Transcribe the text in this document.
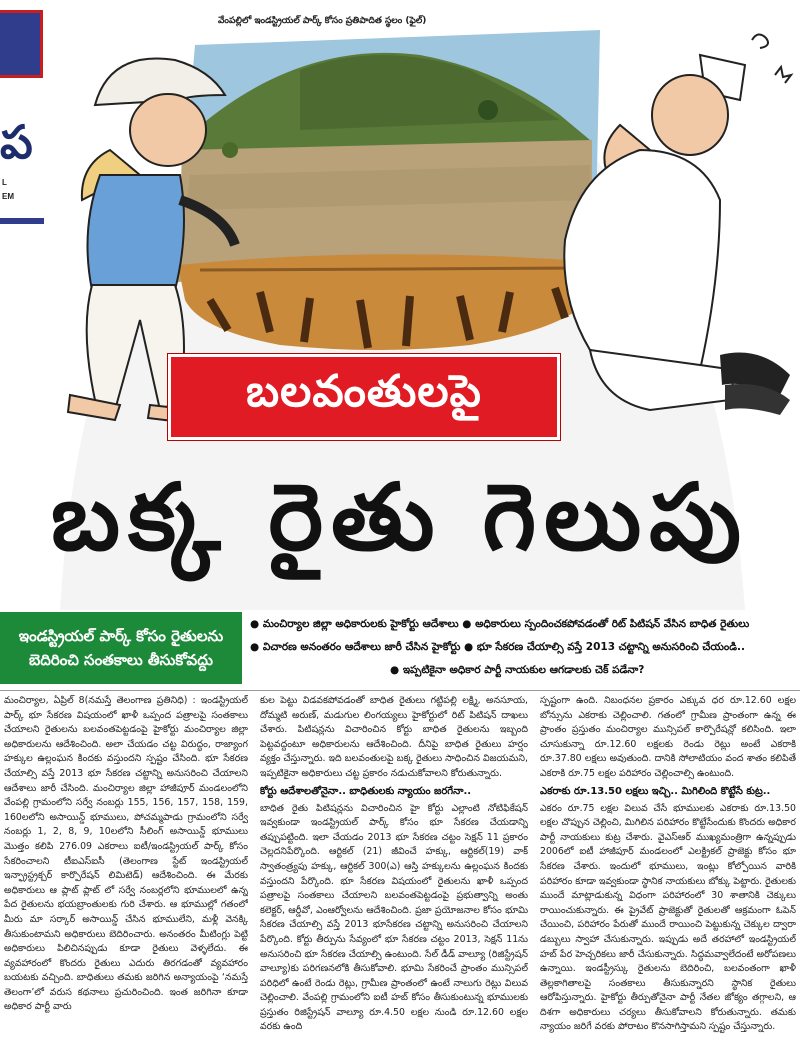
ప
L
EM
వేంపల్లిలో ఇండస్ట్రియల్ పార్క్ కోసం ప్రతిపాదిత స్థలం (ఫైల్)
బలవంతులపై
బక్క రైతు గెలుపు
ఇండస్ట్రియల్ పార్క్ కోసం రైతులను
బెదిరించి సంతకాలు తీసుకోవద్దు
● మంచిర్యాల జిల్లా అధికారులకు హైకోర్టు ఆదేశాలు ● అధికారులు స్పందించకపోవడంతో రిట్ పిటిషన్ వేసిన బాధిత రైతులు
● విచారణ అనంతరం ఆదేశాలు జారీ చేసిన హైకోర్టు ● భూ సేకరణ చేయాల్సి వస్తే 2013 చట్టాన్ని అనుసరించి చేయండి..
● ఇప్పటికైనా అధికార పార్టీ నాయకుల ఆగడాలకు చెక్ పడేనా?

మంచిర్యాల, ఏప్రిల్ 8(నమస్తే తెలంగాణ ప్రతినిధి) : ఇండస్ట్రియల్ పార్క్ భూ సేకరణ విషయంలో ఖాళీ ఒప్పంద పత్రాలపై సంతకాలు చేయాలని రైతులను బలవంతపెట్టడంపై హైకోర్టు మంచిర్యాల జిల్లా అధికారులను ఆదేశించింది. అలా చేయడం చట్ట విరుద్ధం, రాజ్యాంగ హక్కుల ఉల్లంఘన కిందకు వస్తుందని స్పష్టం చేసింది. భూ సేకరణ చేయాల్సి వస్తే 2013 భూ సేకరణ చట్టాన్ని అనుసరించి చేయాలని ఆదేశాలు జారీ చేసింది. మంచిర్యాల జిల్లా హాజీపూర్ మండలంలోని వేంపల్లి గ్రామంలోని సర్వే నంబర్లు 155, 156, 157, 158, 159, 160లలోని అసాయిన్డ్ భూములు, పోచమ్మపాడు గ్రామంలోని సర్వే నంబర్లు 1, 2, 8, 9, 10లలోని సీలింగ్ అసాయిన్డ్ భూములు మొత్తం కలిపి 276.09 ఎకరాలు ఐటీ/ఇండస్ట్రియల్ పార్క్ కోసం సేకరించాలని టీఐఎస్ఐసీ (తెలంగాణ స్టేట్ ఇండస్ట్రియల్ ఇన్ఫ్రాస్ట్రక్చర్ కార్పొరేషన్ లిమిటెడ్) ఆదేశించింది. ఈ మేరకు అధికారులు ఆ ప్లాట్ ప్లాట్ లో సర్వే నంబర్లలోని భూములలో ఉన్న పేద రైతులను భయబ్రాంతులకు గురి చేశారు. ఆ భూముల్లో గతంలో మీరు మా సర్కార్ అసాయిన్డ్ చేసిన భూములేని, మళ్లీ వెనక్కి తీసుకుంటామని అధికారులు బెదిరించారు. అనంతరం మీటింగ్లు పెట్టి అధికారులు పిలిచినప్పుడు కూడా రైతులు వెళ్ళలేదు. ఈ వ్యవహారంలో కొందరు రైతులు ఎదురు తిరగడంతో వ్యవహారం బయటకు వచ్చింది. బాధితులు తమకు జరిగిన అన్యాయంపై ‘నమస్తే తెలంగా’లో వరుస కథనాలు ప్రచురించింది. ఇంత జరిగినా కూడా అధికార పార్టీ వారు

కుల పెట్టు విడవకపోవడంతో బాధిత రైతులు గట్టిపల్లి లక్ష్మి, అనసూయ, దోమ్మటి అరుణ్, మడుగుల లింగయ్యలు హైకోర్టులో రిట్ పిటిషన్ దాఖలు చేశారు. పిటిషన్లను విచారించిన కోర్టు బాధిత రైతులను ఇబ్బంది పెట్టవద్దంటూ అధికారులను ఆదేశించింది. దీనిపై బాధిత రైతులు హర్షం వ్యక్తం చేస్తున్నారు. ఇది బలవంతులపై బక్క రైతులు సాధించిన విజయమని, ఇప్పటికైనా అధికారులు చట్ట ప్రకారం నడుచుకోవాలని కోరుతున్నారు.

కోర్టు ఆదేశాలతోనైనా.. బాధితులకు న్యాయం జరగేనా..

బాధిత రైతు పిటిషన్లను విచారించిన హై కోర్టు ఎల్లాంటి నోటిఫికేషన్ ఇవ్వకుండా ఇండస్ట్రియల్ పార్క్ కోసం భూ సేకరణ చేయడాన్ని తప్పుపట్టింది. ఇలా చేయడం 2013 భూ సేకరణ చట్టం సెక్షన్ 11 ప్రకారం చెల్లదనిపేర్కొంది. ఆర్టికల్ (21) జీవించే హక్కు, ఆర్టికల్(19) వాక్ స్వాతంత్ర్యపు హక్కు, ఆర్టికల్ 300(ఎ) ఆస్తి హక్కులను ఉల్లంఘన కిందకు వస్తుందని పేర్కొంది. భూ సేకరణ విషయంలో రైతులను ఖాళీ ఒప్పంద పత్రాలపై సంతకాలు చేయాలని బలవంతపెట్టడంపై ప్రభుత్వాన్ని అంతు కలెక్టర్, ఆర్డీవో, ఎంఆర్వోలను ఆదేశించింది. ప్రజా ప్రయోజనాల కోసం భూమి సేకరణ చేయాల్సి వస్తే 2013 భూసేకరణ చట్టాన్ని అనుసరించి చేయాలని పేర్కొంది. కోర్టు తీర్పును సేవ్యంలో భూ సేకరణ చట్టం 2013, సెక్షన్ 11ను అనుసరించి భూ సేకరణ చేయాల్సి ఉంటుంది. సేల్ డీడ్ వాల్యూ (రిజిస్ట్రేషన్ వాల్యూ)కు పరిగణనలోకి తీసుకోవాలి. భూమి సేకరించే ప్రాంతం మున్సిపల్ పరిధిలో ఉంటే రెండు రెట్లు, గ్రామీణ ప్రాంతంలో ఉంటే నాలుగు రెట్లు విలువ చెల్లించాలి. వేంపల్లి గ్రామంలోని ఐటీ హబ్ కోసం తీసుకుంటున్న భూములకు ప్రస్తుతం రిజిస్ట్రేషన్ వాల్యూ రూ.4.50 లక్షల నుండి రూ.12.60 లక్షల వరకు ఉంది

స్పష్టంగా ఉంది. నిబంధనల ప్రకారం ఎక్కువ ధర రూ.12.60 లక్షల బోన్సును ఎకరాకు చెల్లించాలి. గతంలో గ్రామీణ ప్రాంతంగా ఉన్న ఈ ప్రాంతం ప్రస్తుతం మంచిర్యాల మున్సిపల్ కార్పొరేషన్లో కలిసింది. ఇలా చూసుకున్నా రూ.12.60 లక్షలకు రెండు రెట్లు అంటే ఎకరాకి రూ.37.80 లక్షలు అవుతుంది. దానికి సోలాటియం వంద శాతం కలిపితే ఎకరాకి రూ.75 లక్షల పరిహారం చెల్లించాల్సి ఉంటుంది.

ఎకరాకు రూ.13.50 లక్షలు ఇచ్చి.. మిగిలింది కొట్టేసే కుట్ర..

ఎకరం రూ.75 లక్షల విలువ చేసే భూములకు ఎకరాకు రూ.13.50 లక్షల చొప్పున చెల్లించి, మిగిలిన పరిహారం కొట్టేసేందుకు కొందరు అధికార పార్టీ నాయకులు కుట్ర చేశారు. వైఎస్ఆర్ ముఖ్యమంత్రిగా ఉన్నప్పుడు 2006లో ఐటీ హాజీపూర్ మండలంలో ఎలక్ట్రికల్ ప్రాజెక్టు కోసం భూ సేకరణ చేశారు. ఇందులో భూములు, ఇంట్లు కోల్పోయిన వారికి పరిహారం కూడా ఇవ్వకుండా స్థానిక నాయకులు బోక్కు పెట్టారు. రైతులకు ముందే మాట్లాడుకున్న విధంగా పరిహారంలో 30 శాతానికి చెక్కులు రాయించుకున్నారు. ఈ ప్రైవేట్ ప్రాజెక్టుతో రైతులతో ఆక్రమంగా ఓపెన్ చేయించి, పరిహారం పేరుతో ముందే రాయించి పెట్టుకున్న చెక్కుల ద్వారా డబ్బులు స్వాహా చేసుకున్నారు. ఇప్పుడు అదే తరహాలో ఇండస్ట్రియల్ హబ్ పేర హెచ్చరికలు జారీ చేసుకున్నారు. సిద్ధమవ్వాలేదంటే అరోపణలు ఉన్నాయి. ఇండస్ట్రీస్కు రైతులను బెదిరించి, బలవంతంగా ఖాళీ తెల్లకాగితాలపై సంతకాలు తీసుకున్నారని స్థానిక రైతులు ఆరోపిస్తున్నారు. హైకోర్టు తీర్పుతోనైనా పార్టీ నేతల జోక్యం తగ్గాలని, ఆ దిశగా అధికారులు చర్యలు తీసుకోవాలని కోరుతున్నారు. తమకు న్యాయం జరిగే వరకు పోరాటం కొనసాగిస్తామని స్పష్టం చేస్తున్నారు.
